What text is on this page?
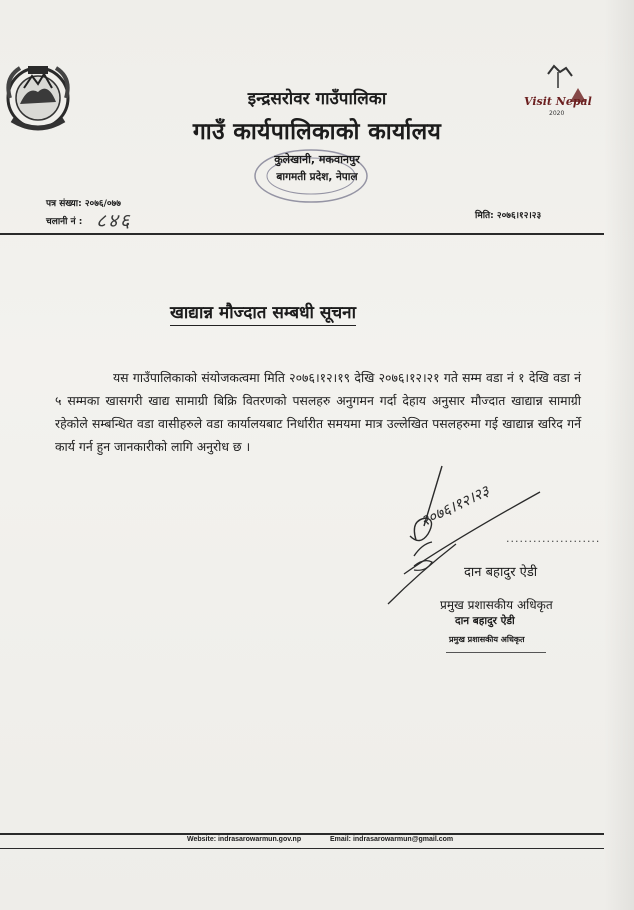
Visit Nepal
2020
इन्द्रसरोवर गाउँपालिका
गाउँ कार्यपालिकाको कार्यालय
कुलेखानी, मकवानपुर
बागमती प्रदेश, नेपाल
पत्र संख्या: २०७६/०७७
चलानी नं : ८४६	मिति: २०७६।१२।२३
खाद्यान्न मौज्दात सम्बधी सूचना
यस गाउँपालिकाको संयोजकत्वमा मिति २०७६।१२।१९ देखि २०७६।१२।२१ गते सम्म वडा नं १ देखि वडा नं ५ सम्मका खासगरी खाद्य सामाग्री बिक्रि वितरणको पसलहरु अनुगमन गर्दा देहाय अनुसार मौज्दात खाद्यान्न सामाग्री रहेकोले सम्बन्धित वडा वासीहरुले वडा कार्यालयबाट निर्धारीत समयमा मात्र उल्लेखित पसलहरुमा गई खाद्यान्न खरिद गर्ने कार्य गर्न हुन जानकारीको लागि अनुरोध छ ।
२०७६।१२।२३
.....................
दान बहादुर ऐडी
प्रमुख प्रशासकीय अधिकृत
दान बहादुर ऐडी
प्रमुख प्रशासकीय अधिकृत
Website: indrasarowarmun.gov.np	Email: indrasarowarmun@gmail.com
